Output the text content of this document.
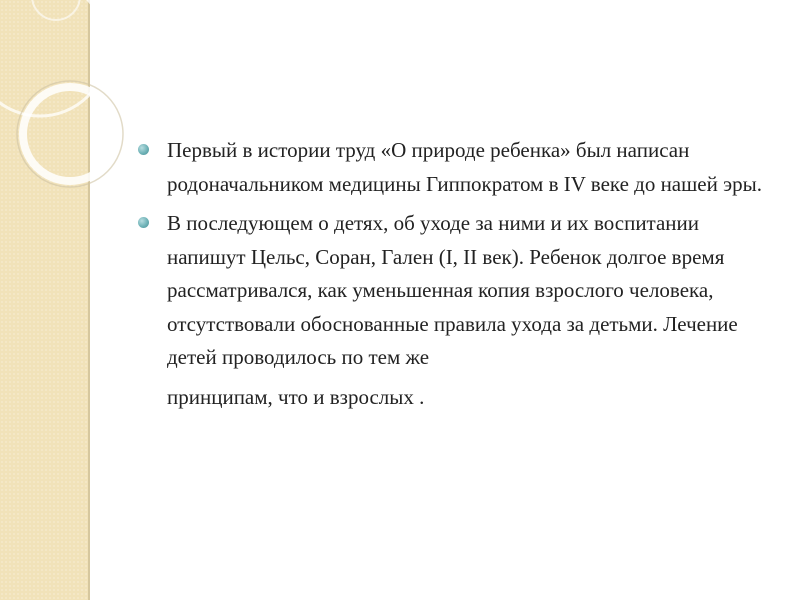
Первый в истории труд «О природе ребенка» был написан родоначальником медицины Гиппократом в IV веке до нашей эры.
В последующем о детях, об уходе за ними и их воспитании напишут Цельс, Соран, Гален (I, II век). Ребенок долгое время рассматривался, как уменьшенная копия взрослого человека, отсутствовали обоснованные правила ухода за детьми. Лечение детей проводилось по тем же
принципам, что и взрослых .
